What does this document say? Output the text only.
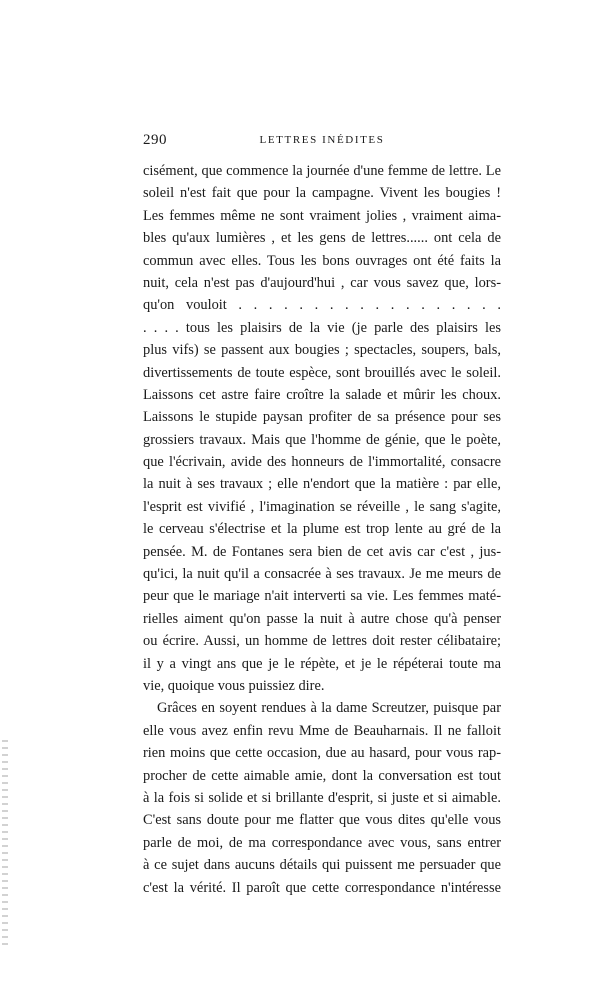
290	LETTRES INÉDITES
cisément, que commence la journée d'une femme de lettre. Le
soleil n'est fait que pour la campagne. Vivent les bougies !
Les femmes même ne sont vraiment jolies , vraiment aima-
bles qu'aux lumières , et les gens de lettres...... ont cela de
commun avec elles. Tous les bons ouvrages ont été faits la
nuit, cela n'est pas d'aujourd'hui , car vous savez que, lors-
qu'on vouloit . . . . . . . . . . . . . . . . . .
. . . . tous les plaisirs de la vie (je parle des plaisirs les
plus vifs) se passent aux bougies ; spectacles, soupers, bals,
divertissements de toute espèce, sont brouillés avec le soleil.
Laissons cet astre faire croître la salade et mûrir les choux.
Laissons le stupide paysan profiter de sa présence pour ses
grossiers travaux. Mais que l'homme de génie, que le poète,
que l'écrivain, avide des honneurs de l'immortalité, consacre
la nuit à ses travaux ; elle n'endort que la matière : par elle,
l'esprit est vivifié , l'imagination se réveille , le sang s'agite,
le cerveau s'électrise et la plume est trop lente au gré de la
pensée. M. de Fontanes sera bien de cet avis car c'est , jus-
qu'ici, la nuit qu'il a consacrée à ses travaux. Je me meurs de
peur que le mariage n'ait interverti sa vie. Les femmes maté-
rielles aiment qu'on passe la nuit à autre chose qu'à penser
ou écrire. Aussi, un homme de lettres doit rester célibataire;
il y a vingt ans que je le répète, et je le répéterai toute ma
vie, quoique vous puissiez dire.
Grâces en soyent rendues à la dame Screutzer, puisque par
elle vous avez enfin revu Mme de Beauharnais. Il ne falloit
rien moins que cette occasion, due au hasard, pour vous rap-
procher de cette aimable amie, dont la conversation est tout
à la fois si solide et si brillante d'esprit, si juste et si aimable.
C'est sans doute pour me flatter que vous dites qu'elle vous
parle de moi, de ma correspondance avec vous, sans entrer
à ce sujet dans aucuns détails qui puissent me persuader que
c'est la vérité. Il paroît que cette correspondance n'intéresse
